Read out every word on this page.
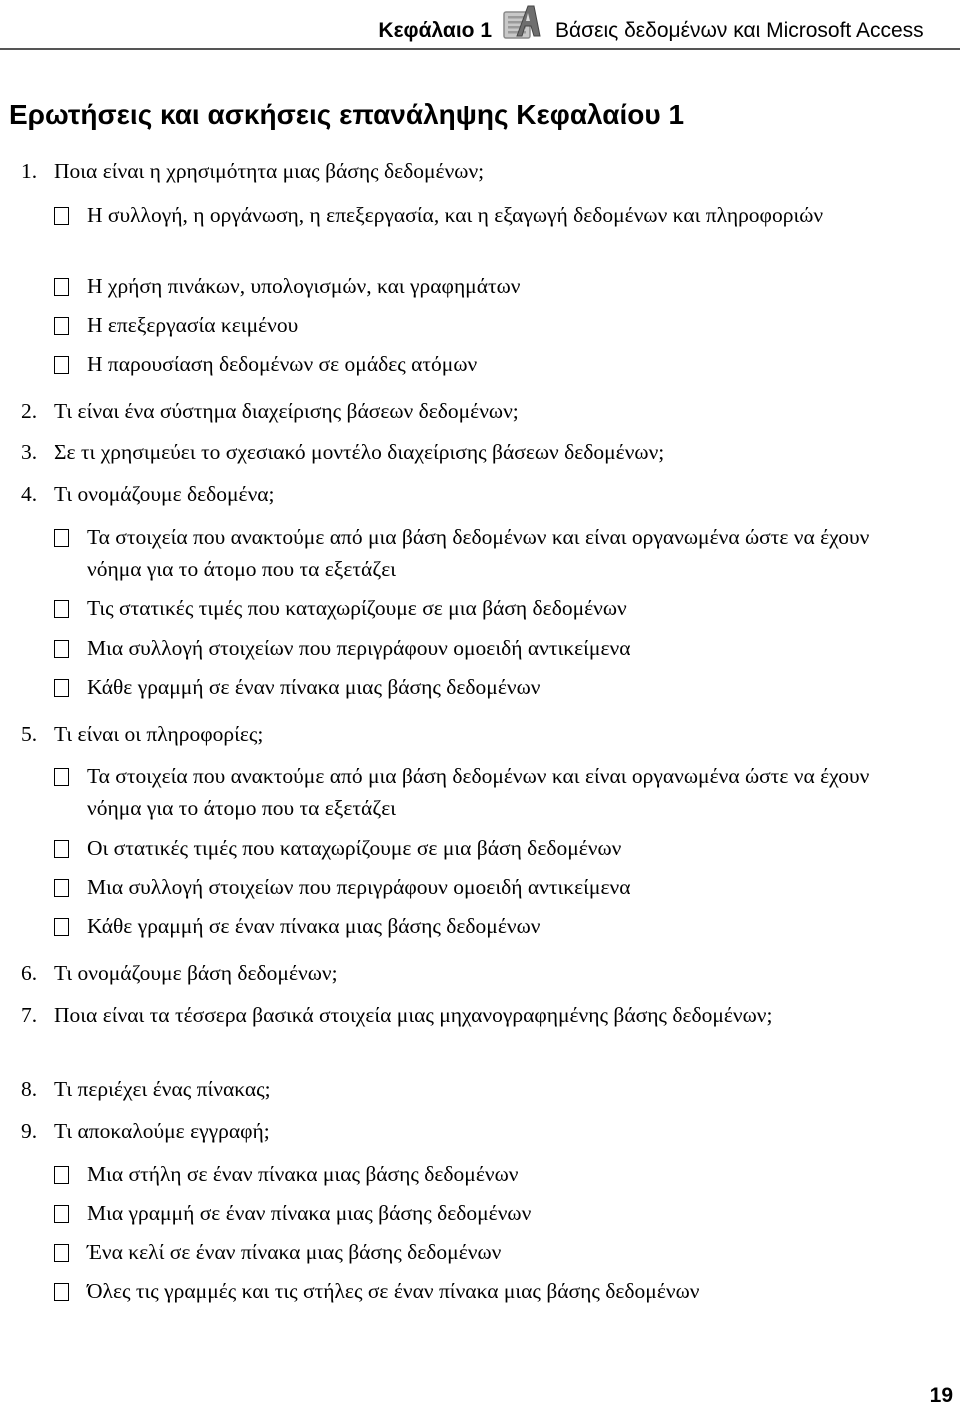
Κεφάλαιο 1	Βάσεις δεδομένων και Microsoft Access
Ερωτήσεις και ασκήσεις επανάληψης Κεφαλαίου 1
1. Ποια είναι η χρησιμότητα μιας βάσης δεδομένων;
Η συλλογή, η οργάνωση, η επεξεργασία, και η εξαγωγή δεδομένων και πληροφοριών
Η χρήση πινάκων, υπολογισμών, και γραφημάτων
Η επεξεργασία κειμένου
Η παρουσίαση δεδομένων σε ομάδες ατόμων
2. Τι είναι ένα σύστημα διαχείρισης βάσεων δεδομένων;
3. Σε τι χρησιμεύει το σχεσιακό μοντέλο διαχείρισης βάσεων δεδομένων;
4. Τι ονομάζουμε δεδομένα;
Τα στοιχεία που ανακτούμε από μια βάση δεδομένων και είναι οργανωμένα ώστε να έχουν νόημα για το άτομο που τα εξετάζει
Τις στατικές τιμές που καταχωρίζουμε σε μια βάση δεδομένων
Μια συλλογή στοιχείων που περιγράφουν ομοειδή αντικείμενα
Κάθε γραμμή σε έναν πίνακα μιας βάσης δεδομένων
5. Τι είναι οι πληροφορίες;
Τα στοιχεία που ανακτούμε από μια βάση δεδομένων και είναι οργανωμένα ώστε να έχουν νόημα για το άτομο που τα εξετάζει
Οι στατικές τιμές που καταχωρίζουμε σε μια βάση δεδομένων
Μια συλλογή στοιχείων που περιγράφουν ομοειδή αντικείμενα
Κάθε γραμμή σε έναν πίνακα μιας βάσης δεδομένων
6. Τι ονομάζουμε βάση δεδομένων;
7. Ποια είναι τα τέσσερα βασικά στοιχεία μιας μηχανογραφημένης βάσης δεδομένων;
8. Τι περιέχει ένας πίνακας;
9. Τι αποκαλούμε εγγραφή;
Μια στήλη σε έναν πίνακα μιας βάσης δεδομένων
Μια γραμμή σε έναν πίνακα μιας βάσης δεδομένων
Ένα κελί σε έναν πίνακα μιας βάσης δεδομένων
Όλες τις γραμμές και τις στήλες σε έναν πίνακα μιας βάσης δεδομένων
19
